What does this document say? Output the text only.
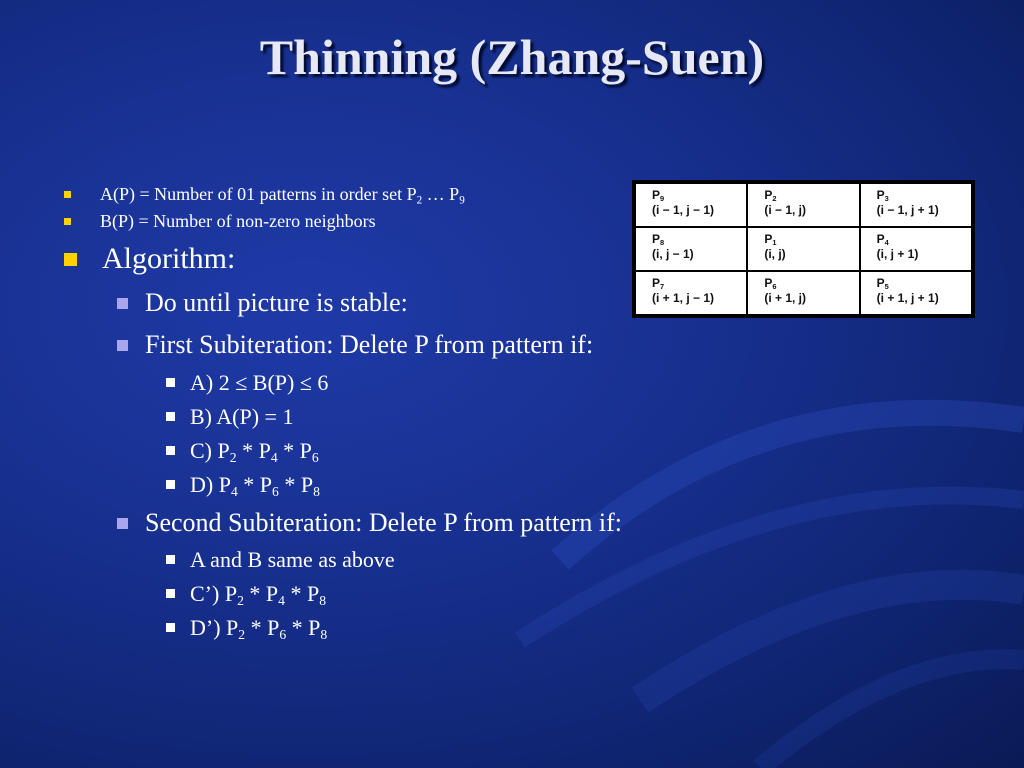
Thinning (Zhang-Suen)
A(P) = Number of 01 patterns in order set $P_2$ … $P_9$
B(P) = Number of non-zero neighbors
Algorithm:
Do until picture is stable:
First Subiteration: Delete P from pattern if:
A) 2 ≤ B(P) ≤ 6
B) A(P) = 1
C) $P_2 * P_4 * P_6$
D) $P_4 * P_6 * P_8$
Second Subiteration: Delete P from pattern if:
A and B same as above
C’) $P_2 * P_4 * P_8$
D’) $P_2 * P_6 * P_8$
$P_9$
(i − 1, j − 1)
$P_2$
(i − 1, j)
$P_3$
(i − 1, j + 1)
$P_8$
(i, j − 1)
$P_1$
(i, j)
$P_4$
(i, j + 1)
$P_7$
(i + 1, j − 1)
$P_6$
(i + 1, j)
$P_5$
(i + 1, j + 1)
